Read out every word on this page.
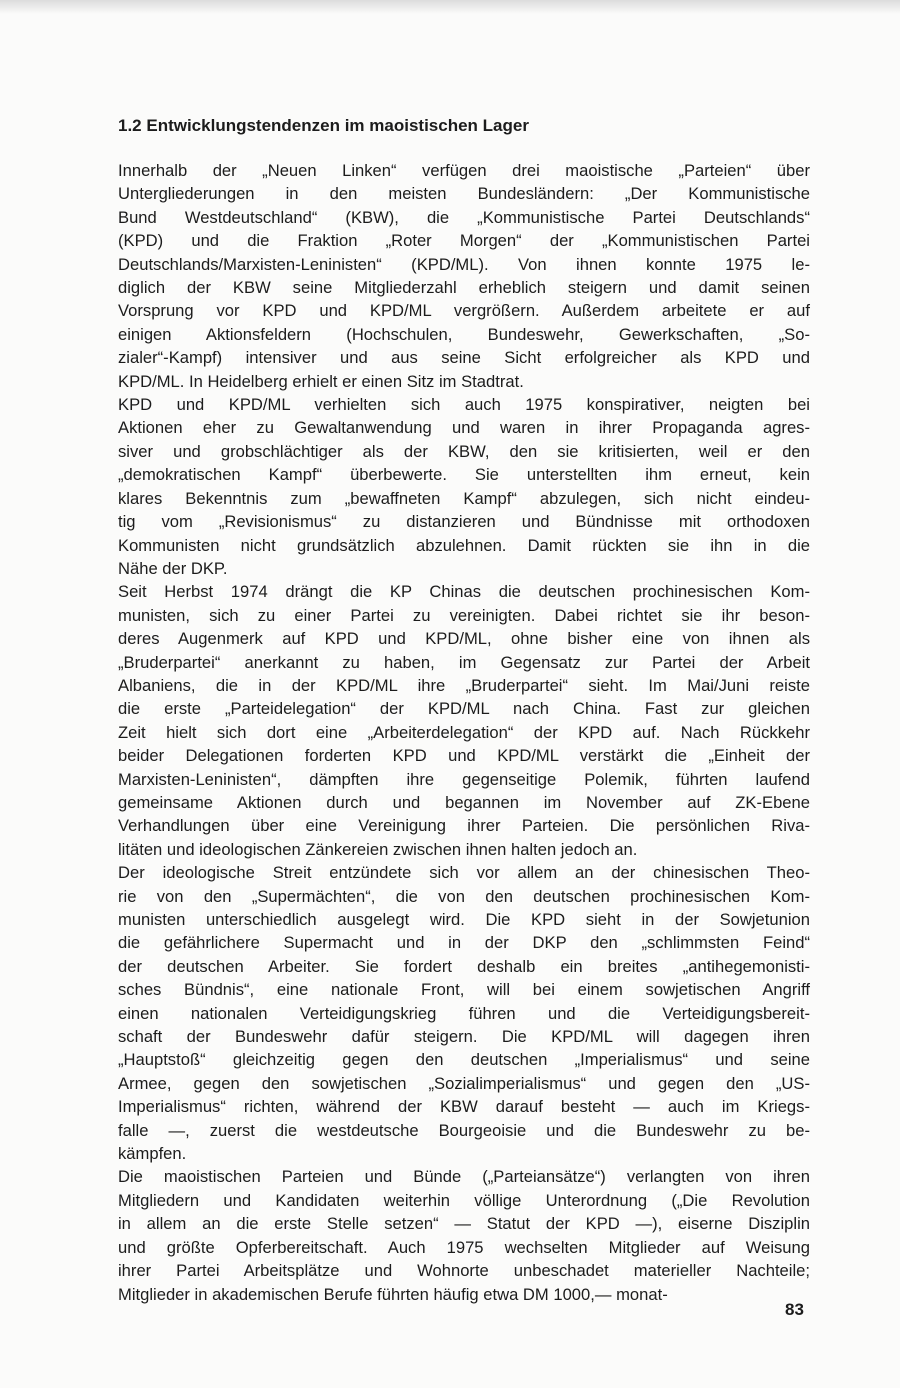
1.2 Entwicklungstendenzen im maoistischen Lager

Innerhalb der „Neuen Linken“ verfügen drei maoistische „Parteien“ über
Untergliederungen in den meisten Bundesländern: „Der Kommunistische
Bund Westdeutschland“ (KBW), die „Kommunistische Partei Deutschlands“
(KPD) und die Fraktion „Roter Morgen“ der „Kommunistischen Partei
Deutschlands/Marxisten-Leninisten“ (KPD/ML). Von ihnen konnte 1975 le-
diglich der KBW seine Mitgliederzahl erheblich steigern und damit seinen
Vorsprung vor KPD und KPD/ML vergrößern. Außerdem arbeitete er auf
einigen Aktionsfeldern (Hochschulen, Bundeswehr, Gewerkschaften, „So-
zialer“-Kampf) intensiver und aus seine Sicht erfolgreicher als KPD und
KPD/ML. In Heidelberg erhielt er einen Sitz im Stadtrat.

KPD und KPD/ML verhielten sich auch 1975 konspirativer, neigten bei
Aktionen eher zu Gewaltanwendung und waren in ihrer Propaganda agres-
siver und grobschlächtiger als der KBW, den sie kritisierten, weil er den
„demokratischen Kampf“ überbewerte. Sie unterstellten ihm erneut, kein
klares Bekenntnis zum „bewaffneten Kampf“ abzulegen, sich nicht eindeu-
tig vom „Revisionismus“ zu distanzieren und Bündnisse mit orthodoxen
Kommunisten nicht grundsätzlich abzulehnen. Damit rückten sie ihn in die
Nähe der DKP.

Seit Herbst 1974 drängt die KP Chinas die deutschen prochinesischen Kom-
munisten, sich zu einer Partei zu vereinigten. Dabei richtet sie ihr beson-
deres Augenmerk auf KPD und KPD/ML, ohne bisher eine von ihnen als
„Bruderpartei“ anerkannt zu haben, im Gegensatz zur Partei der Arbeit
Albaniens, die in der KPD/ML ihre „Bruderpartei“ sieht. Im Mai/Juni reiste
die erste „Parteidelegation“ der KPD/ML nach China. Fast zur gleichen
Zeit hielt sich dort eine „Arbeiterdelegation“ der KPD auf. Nach Rückkehr
beider Delegationen forderten KPD und KPD/ML verstärkt die „Einheit der
Marxisten-Leninisten“, dämpften ihre gegenseitige Polemik, führten laufend
gemeinsame Aktionen durch und begannen im November auf ZK-Ebene
Verhandlungen über eine Vereinigung ihrer Parteien. Die persönlichen Riva-
litäten und ideologischen Zänkereien zwischen ihnen halten jedoch an.

Der ideologische Streit entzündete sich vor allem an der chinesischen Theo-
rie von den „Supermächten“, die von den deutschen prochinesischen Kom-
munisten unterschiedlich ausgelegt wird. Die KPD sieht in der Sowjetunion
die gefährlichere Supermacht und in der DKP den „schlimmsten Feind“
der deutschen Arbeiter. Sie fordert deshalb ein breites „antihegemonisti-
sches Bündnis“, eine nationale Front, will bei einem sowjetischen Angriff
einen nationalen Verteidigungskrieg führen und die Verteidigungsbereit-
schaft der Bundeswehr dafür steigern. Die KPD/ML will dagegen ihren
„Hauptstoß“ gleichzeitig gegen den deutschen „Imperialismus“ und seine
Armee, gegen den sowjetischen „Sozialimperialismus“ und gegen den „US-
Imperialismus“ richten, während der KBW darauf besteht — auch im Kriegs-
falle —, zuerst die westdeutsche Bourgeoisie und die Bundeswehr zu be-
kämpfen.

Die maoistischen Parteien und Bünde („Parteiansätze“) verlangten von ihren
Mitgliedern und Kandidaten weiterhin völlige Unterordnung („Die Revolution
in allem an die erste Stelle setzen“ — Statut der KPD —), eiserne Disziplin
und größte Opferbereitschaft. Auch 1975 wechselten Mitglieder auf Weisung
ihrer Partei Arbeitsplätze und Wohnorte unbeschadet materieller Nachteile;
Mitglieder in akademischen Berufe führten häufig etwa DM 1000,— monat-

83
